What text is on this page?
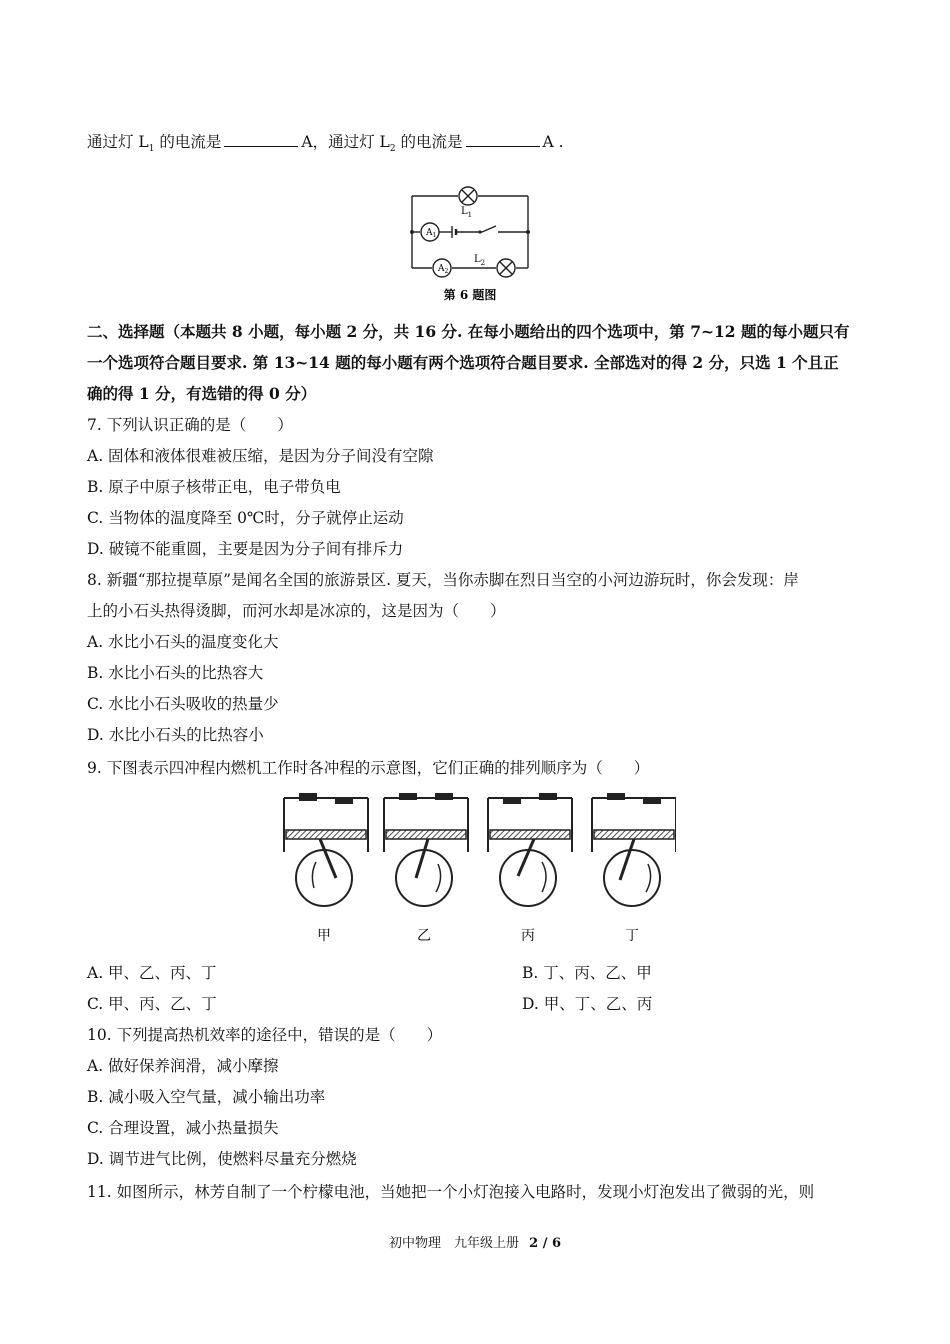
通过灯 $L_1$ 的电流是	A，通过灯 $L_2$ 的电流是	A .
$L_1$
$A_1$
$A_2$
$L_2$
第 6 题图
二、选择题（本题共 8 小题，每小题 2 分，共 16 分. 在每小题给出的四个选项中，第 7~12 题的每小题只有
一个选项符合题目要求. 第 13~14 题的每小题有两个选项符合题目要求. 全部选对的得 2 分，只选 1 个且正
确的得 1 分，有选错的得 0 分）
7. 下列认识正确的是（　　）
A. 固体和液体很难被压缩，是因为分子间没有空隙
B. 原子中原子核带正电，电子带负电
C. 当物体的温度降至 0℃时，分子就停止运动
D. 破镜不能重圆，主要是因为分子间有排斥力
8. 新疆“那拉提草原”是闻名全国的旅游景区. 夏天，当你赤脚在烈日当空的小河边游玩时，你会发现：岸
上的小石头热得烫脚，而河水却是冰凉的，这是因为（　　）
A. 水比小石头的温度变化大
B. 水比小石头的比热容大
C. 水比小石头吸收的热量少
D. 水比小石头的比热容小
9. 下图表示四冲程内燃机工作时各冲程的示意图，它们正确的排列顺序为（　　）
甲	乙	丙	丁
A. 甲、乙、丙、丁	B. 丁、丙、乙、甲
C. 甲、丙、乙、丁	D. 甲、丁、乙、丙
10. 下列提高热机效率的途径中，错误的是（　　）
A. 做好保养润滑，减小摩擦
B. 减小吸入空气量，减小输出功率
C. 合理设置，减小热量损失
D. 调节进气比例，使燃料尽量充分燃烧
11. 如图所示，林芳自制了一个柠檬电池，当她把一个小灯泡接入电路时，发现小灯泡发出了微弱的光，则
初中物理　九年级上册 2 / 6
